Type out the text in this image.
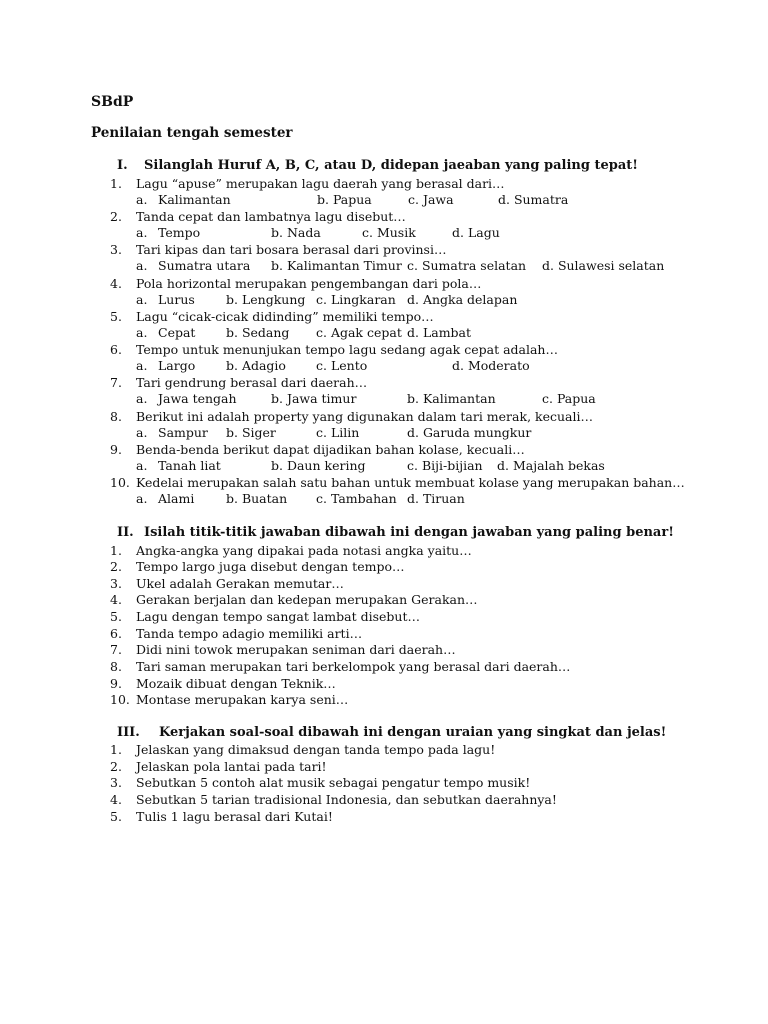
SBdP
Penilaian tengah semester
I. Silanglah Huruf A, B, C, atau D, didepan jaeaban yang paling tepat!
1.	Lagu “apuse” merupakan lagu daerah yang berasal dari…
a. Kalimantan	b. Papua	c. Jawa	d. Sumatra
2.	Tanda cepat dan lambatnya lagu disebut…
a. Tempo	b. Nada	c. Musik	d. Lagu
3.	Tari kipas dan tari bosara berasal dari provinsi…
a. Sumatra utara b. Kalimantan Timur c. Sumatra selatan d. Sulawesi selatan
4.	Pola horizontal merupakan pengembangan dari pola…
a. Lurus b. Lengkung c. Lingkaran d. Angka delapan
5.	Lagu “cicak-cicak didinding” memiliki tempo…
a. Cepat b. Sedang c. Agak cepat d. Lambat
6.	Tempo untuk menunjukan tempo lagu sedang agak cepat adalah…
a. Largo b. Adagio c. Lento	d. Moderato
7.	Tari gendrung berasal dari daerah…
a. Jawa tengah	b. Jawa timur	b. Kalimantan	c. Papua
8.	Berikut ini adalah property yang digunakan dalam tari merak, kecuali…
a. Sampur b. Siger	c. Lilin	d. Garuda mungkur
9.	Benda-benda berikut dapat dijadikan bahan kolase, kecuali…
a. Tanah liat	b. Daun kering	c. Biji-bijian d. Majalah bekas
10. Kedelai merupakan salah satu bahan untuk membuat kolase yang merupakan bahan…
a. Alami	b. Buatan c. Tambahan d. Tiruan
II. Isilah titik-titik jawaban dibawah ini dengan jawaban yang paling benar!
1.	Angka-angka yang dipakai pada notasi angka yaitu…
2.	Tempo largo juga disebut dengan tempo…
3.	Ukel adalah Gerakan memutar…
4.	Gerakan berjalan dan kedepan merupakan Gerakan…
5.	Lagu dengan tempo sangat lambat disebut…
6.	Tanda tempo adagio memiliki arti…
7.	Didi nini towok merupakan seniman dari daerah…
8.	Tari saman merupakan tari berkelompok yang berasal dari daerah…
9.	Mozaik dibuat dengan Teknik…
10. Montase merupakan karya seni…
III. Kerjakan soal-soal dibawah ini dengan uraian yang singkat dan jelas!
1.	Jelaskan yang dimaksud dengan tanda tempo pada lagu!
2.	Jelaskan pola lantai pada tari!
3.	Sebutkan 5 contoh alat musik sebagai pengatur tempo musik!
4.	Sebutkan 5 tarian tradisional Indonesia, dan sebutkan daerahnya!
5.	Tulis 1 lagu berasal dari Kutai!
